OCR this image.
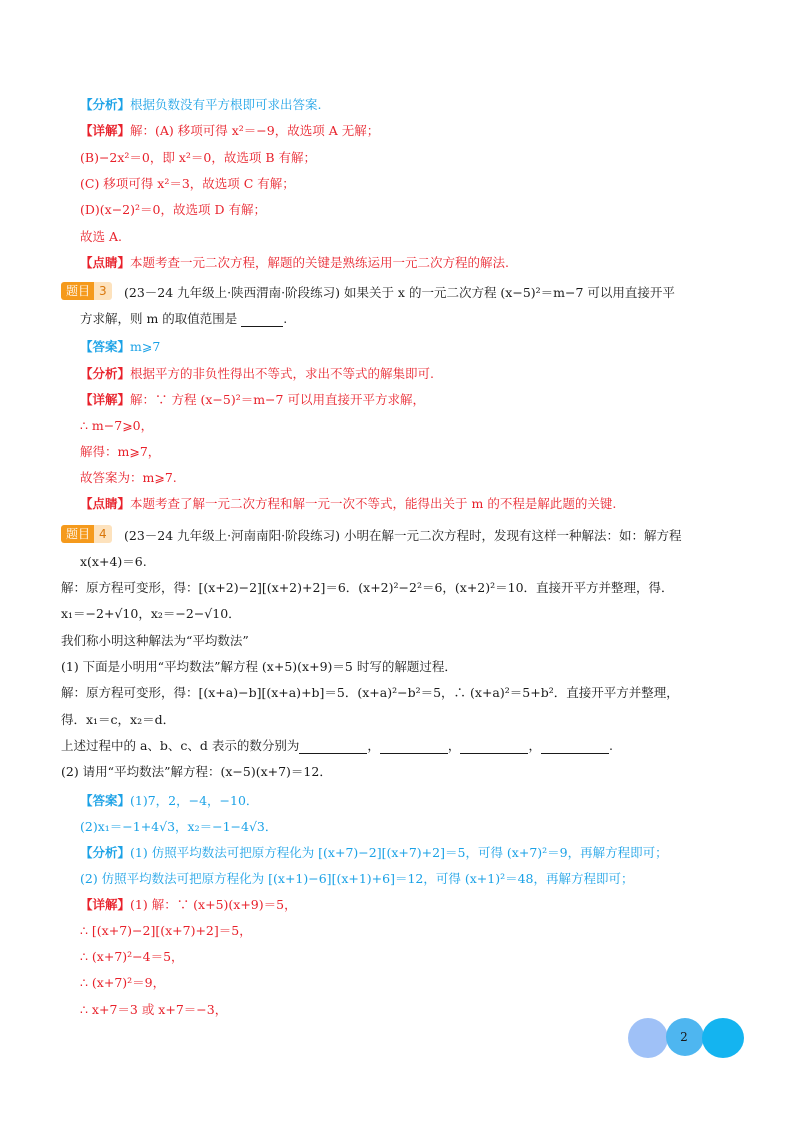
【分析】根据负数没有平方根即可求出答案.
【详解】解：(A) 移项可得 x²＝−9，故选项 A 无解；
(B)−2x²＝0，即 x²＝0，故选项 B 有解；
(C) 移项可得 x²＝3，故选项 C 有解；
(D)(x−2)²＝0，故选项 D 有解；
故选 A.
【点睛】本题考查一元二次方程，解题的关键是熟练运用一元二次方程的解法.
题目 3	(23－24 九年级上·陕西渭南·阶段练习) 如果关于 x 的一元二次方程 (x−5)²＝m−7 可以用直接开平
方求解，则 m 的取值范围是	.
【答案】m⩾7
【分析】根据平方的非负性得出不等式，求出不等式的解集即可.
【详解】解：∵ 方程 (x−5)²＝m−7 可以用直接开平方求解，
∴ m−7⩾0，
解得：m⩾7，
故答案为：m⩾7.
【点睛】本题考查了解一元二次方程和解一元一次不等式，能得出关于 m 的不程是解此题的关键.
题目 4	(23－24 九年级上·河南南阳·阶段练习) 小明在解一元二次方程时，发现有这样一种解法：如：解方程
x(x+4)＝6.
解：原方程可变形，得：[(x+2)−2][(x+2)+2]＝6．(x+2)²−2²＝6，(x+2)²＝10．直接开平方并整理，得．
x₁＝−2+√10，x₂＝−2−√10．
我们称小明这种解法为“平均数法”
(1) 下面是小明用“平均数法”解方程 (x+5)(x+9)＝5 时写的解题过程．
解：原方程可变形，得：[(x+a)−b][(x+a)+b]＝5．(x+a)²−b²＝5，∴ (x+a)²＝5+b²．直接开平方并整理，
得．x₁＝c，x₂＝d．
上述过程中的 a、b、c、d 表示的数分别为	，	，	，	.
(2) 请用“平均数法”解方程：(x−5)(x+7)＝12．
【答案】(1)7，2，−4，−10．
(2)x₁＝−1+4√3，x₂＝−1−4√3．
【分析】(1) 仿照平均数法可把原方程化为 [(x+7)−2][(x+7)+2]＝5，可得 (x+7)²＝9，再解方程即可；
(2) 仿照平均数法可把原方程化为 [(x+1)−6][(x+1)+6]＝12，可得 (x+1)²＝48，再解方程即可；
【详解】(1) 解：∵ (x+5)(x+9)＝5，
∴ [(x+7)−2][(x+7)+2]＝5，
∴ (x+7)²−4＝5，
∴ (x+7)²＝9，
∴ x+7＝3 或 x+7＝−3，
2
